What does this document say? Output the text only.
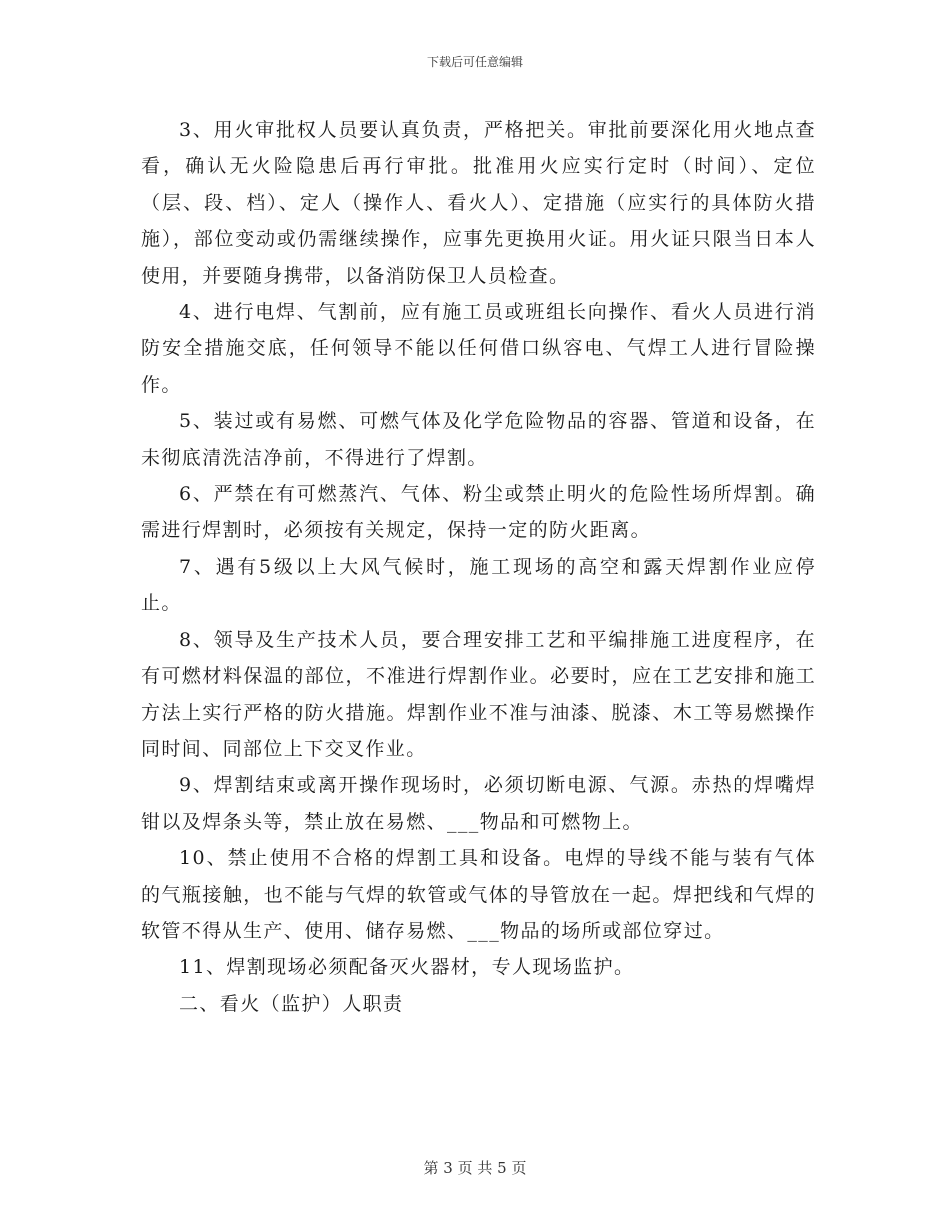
下载后可任意编辑

3、用火审批权人员要认真负责，严格把关。审批前要深化用火地点查看，确认无火险隐患后再行审批。批准用火应实行定时（时间）、定位（层、段、档）、定人（操作人、看火人）、定措施（应实行的具体防火措施），部位变动或仍需继续操作，应事先更换用火证。用火证只限当日本人使用，并要随身携带，以备消防保卫人员检查。

4、进行电焊、气割前，应有施工员或班组长向操作、看火人员进行消防安全措施交底，任何领导不能以任何借口纵容电、气焊工人进行冒险操作。

5、装过或有易燃、可燃气体及化学危险物品的容器、管道和设备，在未彻底清洗洁净前，不得进行了焊割。

6、严禁在有可燃蒸汽、气体、粉尘或禁止明火的危险性场所焊割。确需进行焊割时，必须按有关规定，保持一定的防火距离。

7、遇有5级以上大风气候时，施工现场的高空和露天焊割作业应停止。

8、领导及生产技术人员，要合理安排工艺和平编排施工进度程序，在有可燃材料保温的部位，不准进行焊割作业。必要时，应在工艺安排和施工方法上实行严格的防火措施。焊割作业不准与油漆、脱漆、木工等易燃操作同时间、同部位上下交叉作业。

9、焊割结束或离开操作现场时，必须切断电源、气源。赤热的焊嘴焊钳以及焊条头等，禁止放在易燃、___物品和可燃物上。

10、禁止使用不合格的焊割工具和设备。电焊的导线不能与装有气体的气瓶接触，也不能与气焊的软管或气体的导管放在一起。焊把线和气焊的软管不得从生产、使用、储存易燃、___物品的场所或部位穿过。

11、焊割现场必须配备灭火器材，专人现场监护。

二、看火（监护）人职责

第 3 页 共 5 页
